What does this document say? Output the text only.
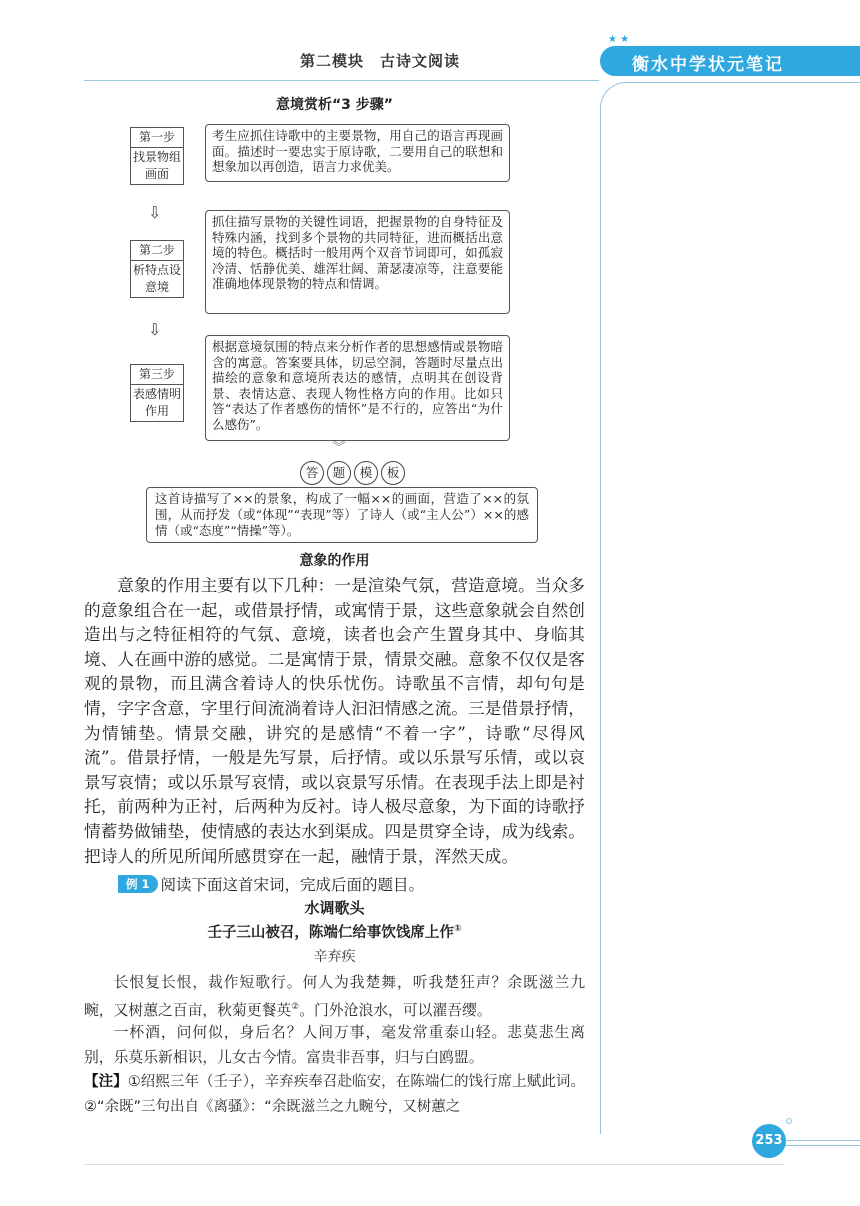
第二模块　古诗文阅读
★ ★
衡水中学状元笔记
意境赏析“3 步骤”
第一步
找景物组画面
考生应抓住诗歌中的主要景物，用自己的语言再现画面。描述时一要忠实于原诗歌，二要用自己的联想和想象加以再创造，语言力求优美。
⇩
第二步
析特点设意境
抓住描写景物的关键性词语，把握景物的自身特征及特殊内涵，找到多个景物的共同特征，进而概括出意境的特色。概括时一般用两个双音节词即可，如孤寂冷清、恬静优美、雄浑壮阔、萧瑟凄凉等，注意要能准确地体现景物的特点和情调。
⇩
第三步
表感情明作用
根据意境氛围的特点来分析作者的思想感情或景物暗含的寓意。答案要具体，切忌空洞，答题时尽量点出描绘的意象和意境所表达的感情，点明其在创设背景、表情达意、表现人物性格方向的作用。比如只答“表达了作者感伤的情怀”是不行的，应答出“为什么感伤”。
︾
答	题	模	板
这首诗描写了××的景象，构成了一幅××的画面，营造了××的氛围，从而抒发（或“体现”“表现”等）了诗人（或“主人公”）××的感情（或“态度”“情操”等）。
意象的作用
意象的作用主要有以下几种：一是渲染气氛，营造意境。当众多的意象组合在一起，或借景抒情，或寓情于景，这些意象就会自然创造出与之特征相符的气氛、意境，读者也会产生置身其中、身临其境、人在画中游的感觉。二是寓情于景，情景交融。意象不仅仅是客观的景物，而且满含着诗人的快乐忧伤。诗歌虽不言情，却句句是情，字字含意，字里行间流淌着诗人汩汩情感之流。三是借景抒情，为情铺垫。情景交融，讲究的是感情“不着一字”，诗歌“尽得风流”。借景抒情，一般是先写景，后抒情。或以乐景写乐情，或以哀景写哀情；或以乐景写哀情，或以哀景写乐情。在表现手法上即是衬托，前两种为正衬，后两种为反衬。诗人极尽意象，为下面的诗歌抒情蓄势做铺垫，使情感的表达水到渠成。四是贯穿全诗，成为线索。把诗人的所见所闻所感贯穿在一起，融情于景，浑然天成。
例 1 阅读下面这首宋词，完成后面的题目。
水调歌头
壬子三山被召，陈端仁给事饮饯席上作①
辛弃疾
长恨复长恨，裁作短歌行。何人为我楚舞，听我楚狂声？余既滋兰九畹，又树蕙之百亩，秋菊更餐英②。门外沧浪水，可以濯吾缨。
一杯酒，问何似，身后名？人间万事，毫发常重泰山轻。悲莫悲生离别，乐莫乐新相识，儿女古今情。富贵非吾事，归与白鸥盟。
【注】①绍熙三年（壬子），辛弃疾奉召赴临安，在陈端仁的饯行席上赋此词。②“余既”三句出自《离骚》：“余既滋兰之九畹兮，又树蕙之
253
